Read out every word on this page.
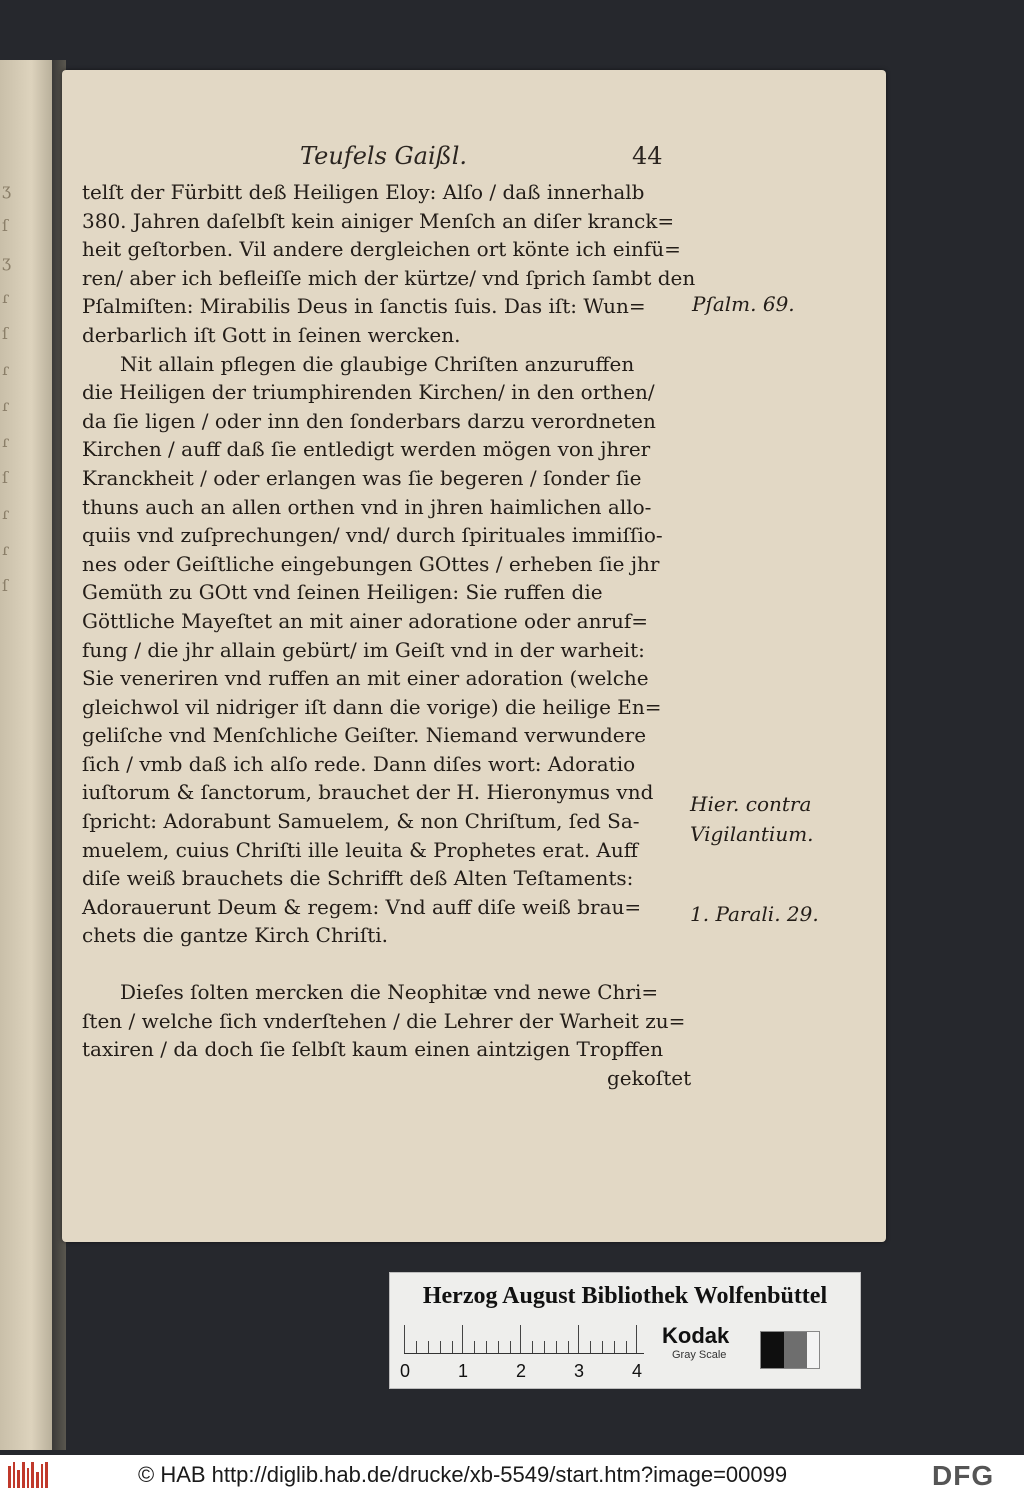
ʒ
ſ
ʒ
ɾ
ſ
ɾ
ɾ
ɾ
ſ
ɾ
ɾ
ſ
Teufels Gaißl.	44
telſt der Fürbitt deß Heiligen Eloy: Alſo / daß innerhalb
380. Jahren daſelbſt kein ainiger Menſch an diſer kranck=
heit geſtorben. Vil andere dergleichen ort könte ich einfü=
ren/ aber ich befleiſſe mich der kürtze/ vnd ſprich ſambt den
Pſalmiſten: Mirabilis Deus in ſanctis ſuis. Das iſt: Wun=
derbarlich iſt Gott in ſeinen wercken.
Nit allain pflegen die glaubige Chriſten anzuruffen
die Heiligen der triumphirenden Kirchen/ in den orthen/
da ſie ligen / oder inn den ſonderbars darzu verordneten
Kirchen / auff daß ſie entledigt werden mögen von jhrer
Kranckheit / oder erlangen was ſie begeren / ſonder ſie
thuns auch an allen orthen vnd in jhren haimlichen allo-
quiis vnd zuſprechungen/ vnd/ durch ſpirituales immiſſio-
nes oder Geiſtliche eingebungen GOttes / erheben ſie jhr
Gemüth zu GOtt vnd ſeinen Heiligen: Sie ruffen die
Göttliche Mayeſtet an mit ainer adoratione oder anruf=
fung / die jhr allain gebürt/ im Geiſt vnd in der warheit:
Sie veneriren vnd ruffen an mit einer adoration (welche
gleichwol vil nidriger iſt dann die vorige) die heilige En=
geliſche vnd Menſchliche Geiſter. Niemand verwundere
ſich / vmb daß ich alſo rede. Dann diſes wort: Adoratio
iuſtorum & ſanctorum, brauchet der H. Hieronymus vnd
ſpricht: Adorabunt Samuelem, & non Chriſtum, ſed Sa-
muelem, cuius Chriſti ille leuita & Prophetes erat. Auff
diſe weiß brauchets die Schrifft deß Alten Teſtaments:
Adorauerunt Deum & regem: Vnd auff diſe weiß brau=
chets die gantze Kirch Chriſti.
Dieſes ſolten mercken die Neophitæ vnd newe Chri=
ſten / welche ſich vnderſtehen / die Lehrer der Warheit zu=
taxiren / da doch ſie ſelbſt kaum einen aintzigen Tropffen
gekoſtet
Pſalm. 69.
Hier. contra
Vigilantium.
1. Parali. 29.
Herzog August Bibliothek Wolfenbüttel
0	1	2	3	4
Kodak
Gray Scale
© HAB http://diglib.hab.de/drucke/xb-5549/start.htm?image=00099	DFG
